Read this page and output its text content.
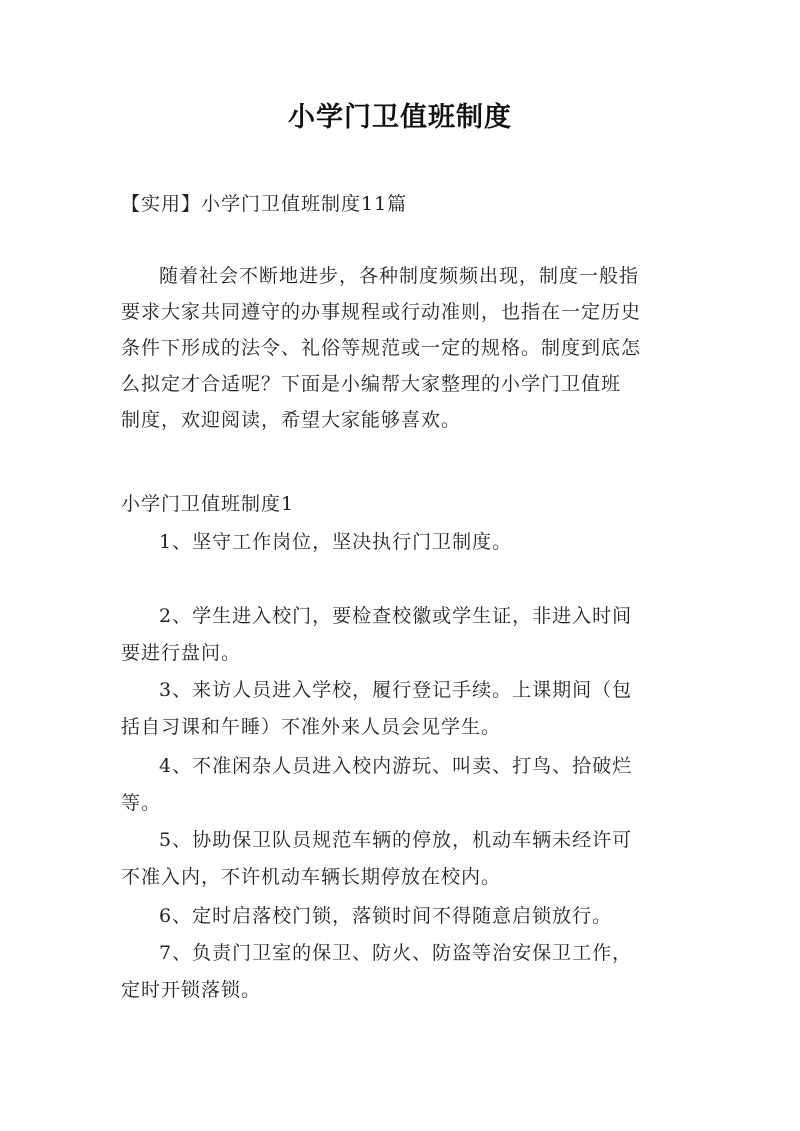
小学门卫值班制度
【实用】小学门卫值班制度11篇
随着社会不断地进步，各种制度频频出现，制度一般指
要求大家共同遵守的办事规程或行动准则，也指在一定历史
条件下形成的法令、礼俗等规范或一定的规格。制度到底怎
么拟定才合适呢？下面是小编帮大家整理的小学门卫值班
制度，欢迎阅读，希望大家能够喜欢。
小学门卫值班制度1
1、坚守工作岗位，坚决执行门卫制度。
2、学生进入校门，要检查校徽或学生证，非进入时间
要进行盘问。
3、来访人员进入学校，履行登记手续。上课期间（包
括自习课和午睡）不准外来人员会见学生。
4、不准闲杂人员进入校内游玩、叫卖、打鸟、拾破烂
等。
5、协助保卫队员规范车辆的停放，机动车辆未经许可
不准入内，不许机动车辆长期停放在校内。
6、定时启落校门锁，落锁时间不得随意启锁放行。
7、负责门卫室的保卫、防火、防盗等治安保卫工作，
定时开锁落锁。
